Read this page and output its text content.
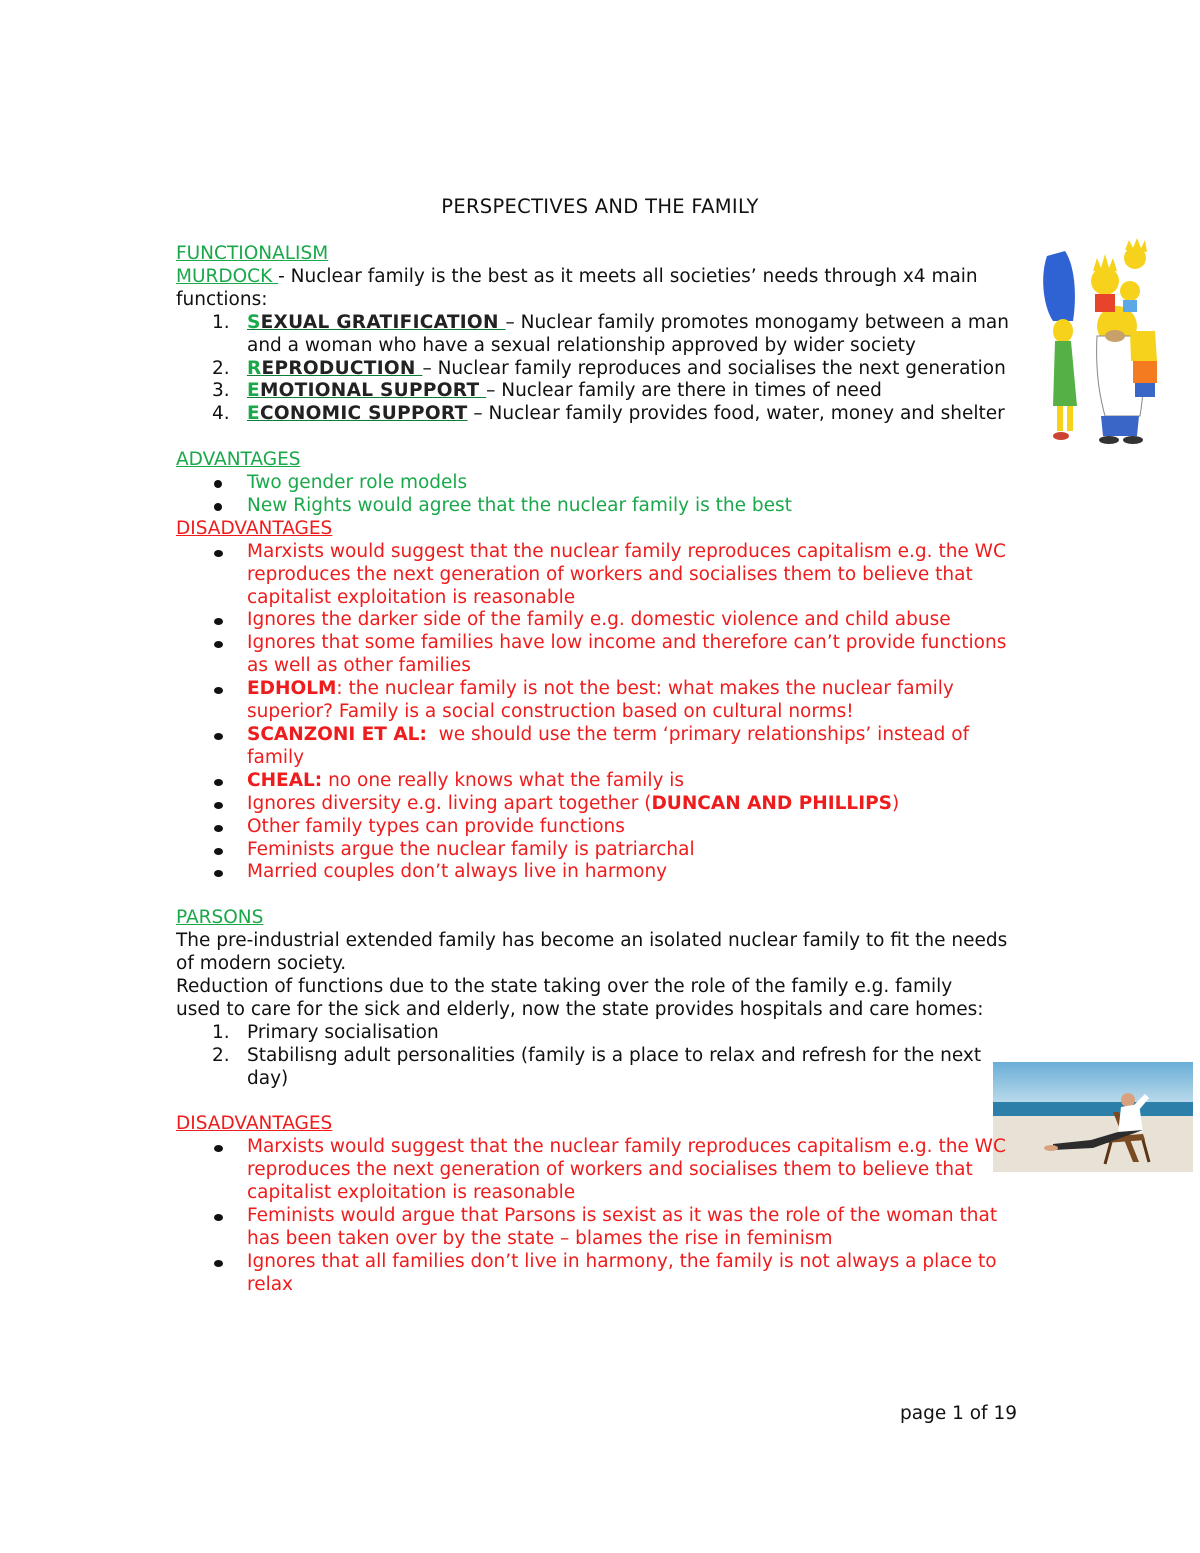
PERSPECTIVES AND THE FAMILY
FUNCTIONALISM
MURDOCK - Nuclear family is the best as it meets all societies’ needs through x4 main functions:
1. SEXUAL GRATIFICATION – Nuclear family promotes monogamy between a man and a woman who have a sexual relationship approved by wider society
2. REPRODUCTION – Nuclear family reproduces and socialises the next generation
3. EMOTIONAL SUPPORT – Nuclear family are there in times of need
4. ECONOMIC SUPPORT – Nuclear family provides food, water, money and shelter
ADVANTAGES
Two gender role models
New Rights would agree that the nuclear family is the best
DISADVANTAGES
Marxists would suggest that the nuclear family reproduces capitalism e.g. the WC reproduces the next generation of workers and socialises them to believe that capitalist exploitation is reasonable
Ignores the darker side of the family e.g. domestic violence and child abuse
Ignores that some families have low income and therefore can’t provide functions as well as other families
EDHOLM: the nuclear family is not the best: what makes the nuclear family superior? Family is a social construction based on cultural norms!
SCANZONI ET AL:  we should use the term ‘primary relationships’ instead of family
CHEAL: no one really knows what the family is
Ignores diversity e.g. living apart together (DUNCAN AND PHILLIPS)
Other family types can provide functions
Feminists argue the nuclear family is patriarchal
Married couples don’t always live in harmony
PARSONS
The pre-industrial extended family has become an isolated nuclear family to fit the needs of modern society.
Reduction of functions due to the state taking over the role of the family e.g. family used to care for the sick and elderly, now the state provides hospitals and care homes:
1. Primary socialisation
2. Stabilisng adult personalities (family is a place to relax and refresh for the next day)
DISADVANTAGES
Marxists would suggest that the nuclear family reproduces capitalism e.g. the WC reproduces the next generation of workers and socialises them to believe that capitalist exploitation is reasonable
Feminists would argue that Parsons is sexist as it was the role of the woman that has been taken over by the state – blames the rise in feminism
Ignores that all families don’t live in harmony, the family is not always a place to relax
page 1 of 19
